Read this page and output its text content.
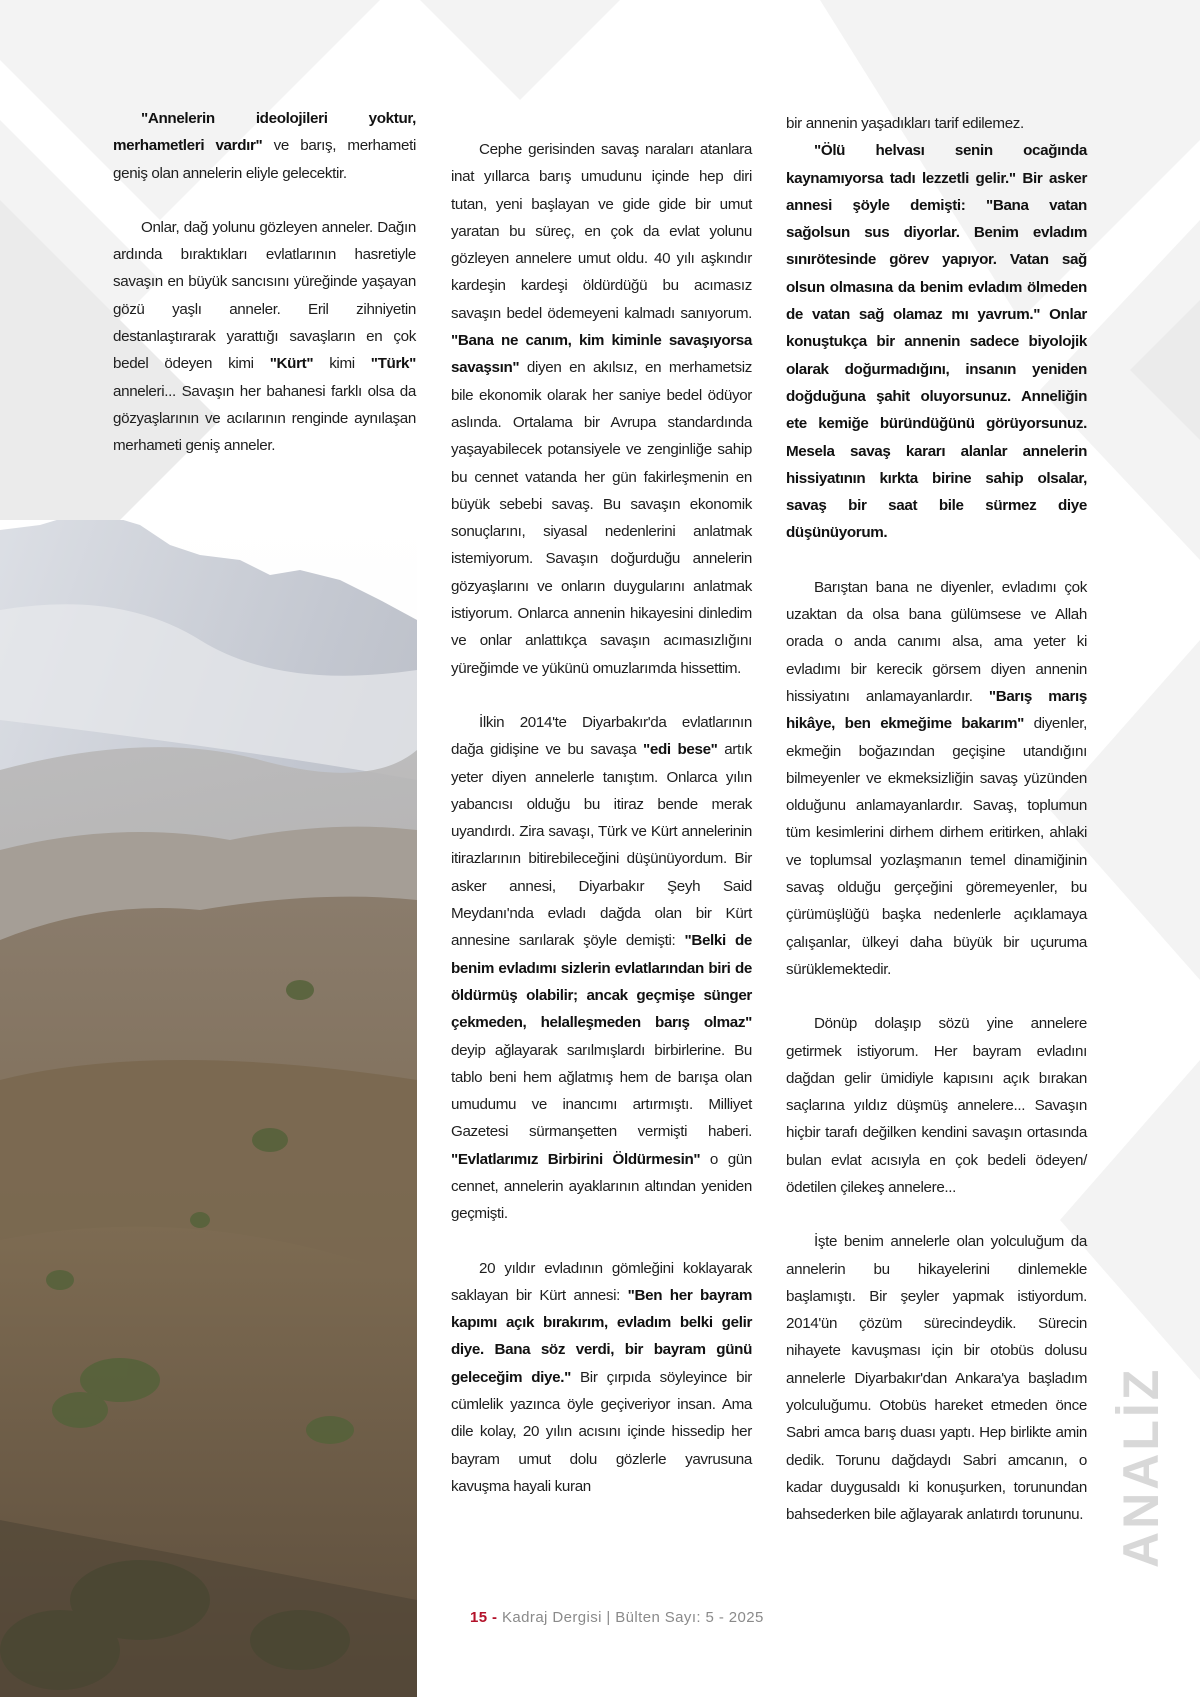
"Annelerin ideolojileri yoktur, merhametleri vardır" ve barış, merhameti geniş olan annelerin eliyle gelecektir.

Onlar, dağ yolunu gözleyen anneler. Dağın ardında bıraktıkları evlatlarının hasretiyle savaşın en büyük sancısını yüreğinde yaşayan gözü yaşlı anneler. Eril zihniyetin destanlaştırarak yarattığı savaşların en çok bedel ödeyen kimi "Kürt" kimi "Türk" anneleri... Savaşın her bahanesi farklı olsa da gözyaşlarının ve acılarının renginde aynılaşan merhameti geniş anneler.

Cephe gerisinden savaş naraları atanlara inat yıllarca barış umudunu içinde hep diri tutan, yeni başlayan ve gide gide bir umut yaratan bu süreç, en çok da evlat yolunu gözleyen annelere umut oldu. 40 yılı aşkındır kardeşin kardeşi öldürdüğü bu acımasız savaşın bedel ödemeyeni kalmadı sanıyorum. "Bana ne canım, kim kiminle savaşıyorsa savaşsın" diyen en akılsız, en merhametsiz bile ekonomik olarak her saniye bedel ödüyor aslında. Ortalama bir Avrupa standardında yaşayabilecek potansiyele ve zenginliğe sahip bu cennet vatanda her gün fakirleşmenin en büyük sebebi savaş. Bu savaşın ekonomik sonuçlarını, siyasal nedenlerini anlatmak istemiyorum. Savaşın doğurduğu annelerin gözyaşlarını ve onların duygularını anlatmak istiyorum. Onlarca annenin hikayesini dinledim ve onlar anlattıkça savaşın acımasızlığını yüreğimde ve yükünü omuzlarımda hissettim.

İlkin 2014'te Diyarbakır'da evlatlarının dağa gidişine ve bu savaşa "edi bese" artık yeter diyen annelerle tanıştım. Onlarca yılın yabancısı olduğu bu itiraz bende merak uyandırdı. Zira savaşı, Türk ve Kürt annelerinin itirazlarının bitirebileceğini düşünüyordum. Bir asker annesi, Diyarbakır Şeyh Said Meydanı'nda evladı dağda olan bir Kürt annesine sarılarak şöyle demişti: "Belki de benim evladımı sizlerin evlatlarından biri de öldürmüş olabilir; ancak geçmişe sünger çekmeden, helalleşmeden barış olmaz" deyip ağlayarak sarılmışlardı birbirlerine. Bu tablo beni hem ağlatmış hem de barışa olan umudumu ve inancımı artırmıştı. Milliyet Gazetesi sürmanşetten vermişti haberi. "Evlatlarımız Birbirini Öldürmesin" o gün cennet, annelerin ayaklarının altından yeniden geçmişti.

20 yıldır evladının gömleğini koklayarak saklayan bir Kürt annesi: "Ben her bayram kapımı açık bırakırım, evladım belki gelir diye. Bana söz verdi, bir bayram günü geleceğim diye." Bir çırpıda söyleyince bir cümlelik yazınca öyle geçiveriyor insan. Ama dile kolay, 20 yılın acısını içinde hissedip her bayram umut dolu gözlerle yavrusuna kavuşma hayali kuran

bir annenin yaşadıkları tarif edilemez.

"Ölü helvası senin ocağında kaynamıyorsa tadı lezzetli gelir." Bir asker annesi şöyle demişti: "Bana vatan sağolsun sus diyorlar. Benim evladım sınırötesinde görev yapıyor. Vatan sağ olsun olmasına da benim evladım ölmeden de vatan sağ olamaz mı yavrum." Onlar konuştukça bir annenin sadece biyolojik olarak doğurmadığını, insanın yeniden doğduğuna şahit oluyorsunuz. Anneliğin ete kemiğe büründüğünü görüyorsunuz. Mesela savaş kararı alanlar annelerin hissiyatının kırkta birine sahip olsalar, savaş bir saat bile sürmez diye düşünüyorum.

Barıştan bana ne diyenler, evladımı çok uzaktan da olsa bana gülümsese ve Allah orada o anda canımı alsa, ama yeter ki evladımı bir kerecik görsem diyen annenin hissiyatını anlamayanlardır. "Barış marış hikâye, ben ekmeğime bakarım" diyenler, ekmeğin boğazından geçişine utandığını bilmeyenler ve ekmeksizliğin savaş yüzünden olduğunu anlamayanlardır. Savaş, toplumun tüm kesimlerini dirhem dirhem eritirken, ahlaki ve toplumsal yozlaşmanın temel dinamiğinin savaş olduğu gerçeğini göremeyenler, bu çürümüşlüğü başka nedenlerle açıklamaya çalışanlar, ülkeyi daha büyük bir uçuruma sürüklemektedir.

Dönüp dolaşıp sözü yine annelere getirmek istiyorum. Her bayram evladını dağdan gelir ümidiyle kapısını açık bırakan saçlarına yıldız düşmüş annelere... Savaşın hiçbir tarafı değilken kendini savaşın ortasında bulan evlat acısıyla en çok bedeli ödeyen/ödetilen çilekeş annelere...

İşte benim annelerle olan yolculuğum da annelerin bu hikayelerini dinlemekle başlamıştı. Bir şeyler yapmak istiyordum. 2014'ün çözüm sürecindeydik. Sürecin nihayete kavuşması için bir otobüs dolusu annelerle Diyarbakır'dan Ankara'ya başladım yolculuğumu. Otobüs hareket etmeden önce Sabri amca barış duası yaptı. Hep birlikte amin dedik. Torunu dağdaydı Sabri amcanın, o kadar duygusaldı ki konuşurken, torunundan bahsederken bile ağlayarak anlatırdı torununu.

15 - Kadraj Dergisi | Bülten Sayı: 5 - 2025
ANALİZ
